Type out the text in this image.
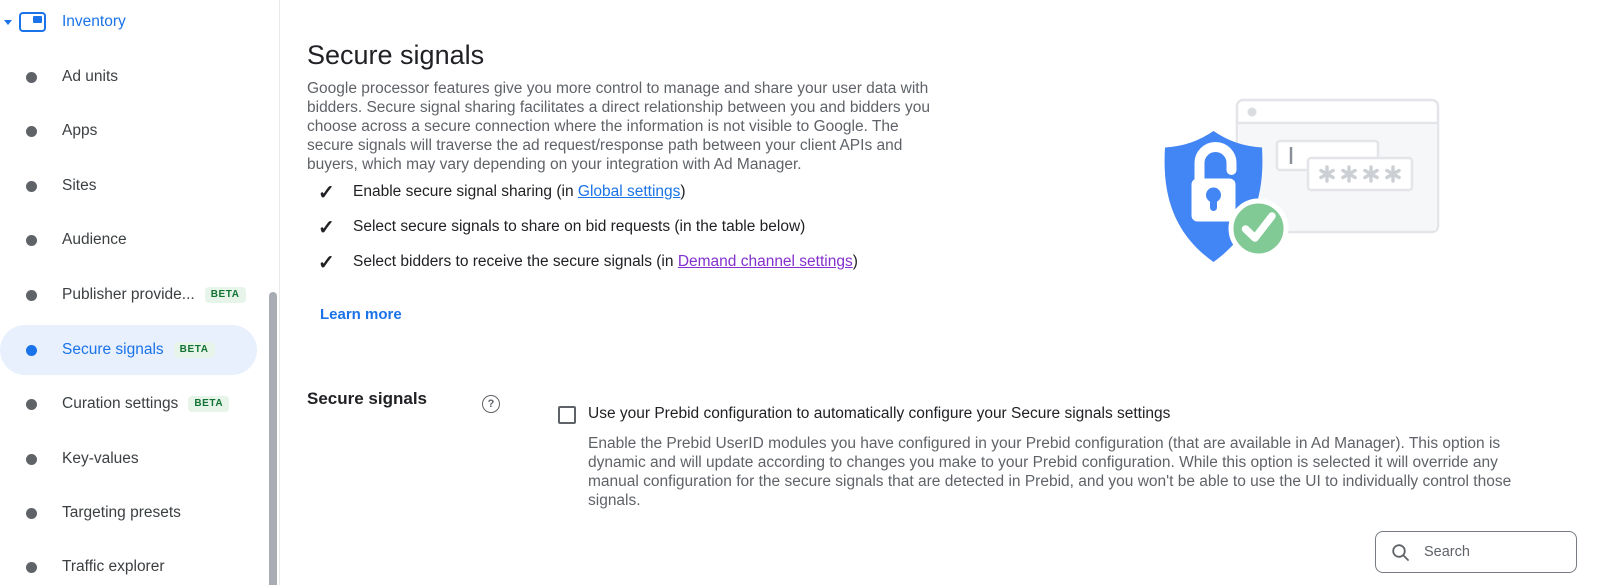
Inventory
Ad units
Apps
Sites
Audience
Publisher provide...	BETA
Secure signals	BETA
Curation settings	BETA
Key-values
Targeting presets
Traffic explorer
Secure signals

Google processor features give you more control to manage and share your user data with bidders. Secure signal sharing facilitates a direct relationship between you and bidders you choose across a secure connection where the information is not visible to Google. The secure signals will traverse the ad request/response path between your client APIs and buyers, which may vary depending on your integration with Ad Manager.

✓ Enable secure signal sharing (in Global settings)
✓ Select secure signals to share on bid requests (in the table below)
✓ Select bidders to receive the secure signals (in Demand channel settings)
Learn more
Secure signals	?
Use your Prebid configuration to automatically configure your Secure signals settings
Enable the Prebid UserID modules you have configured in your Prebid configuration (that are available in Ad Manager). This option is dynamic and will update according to changes you make to your Prebid configuration. While this option is selected it will override any manual configuration for the secure signals that are detected in Prebid, and you won't be able to use the UI to individually control those signals.
Search
